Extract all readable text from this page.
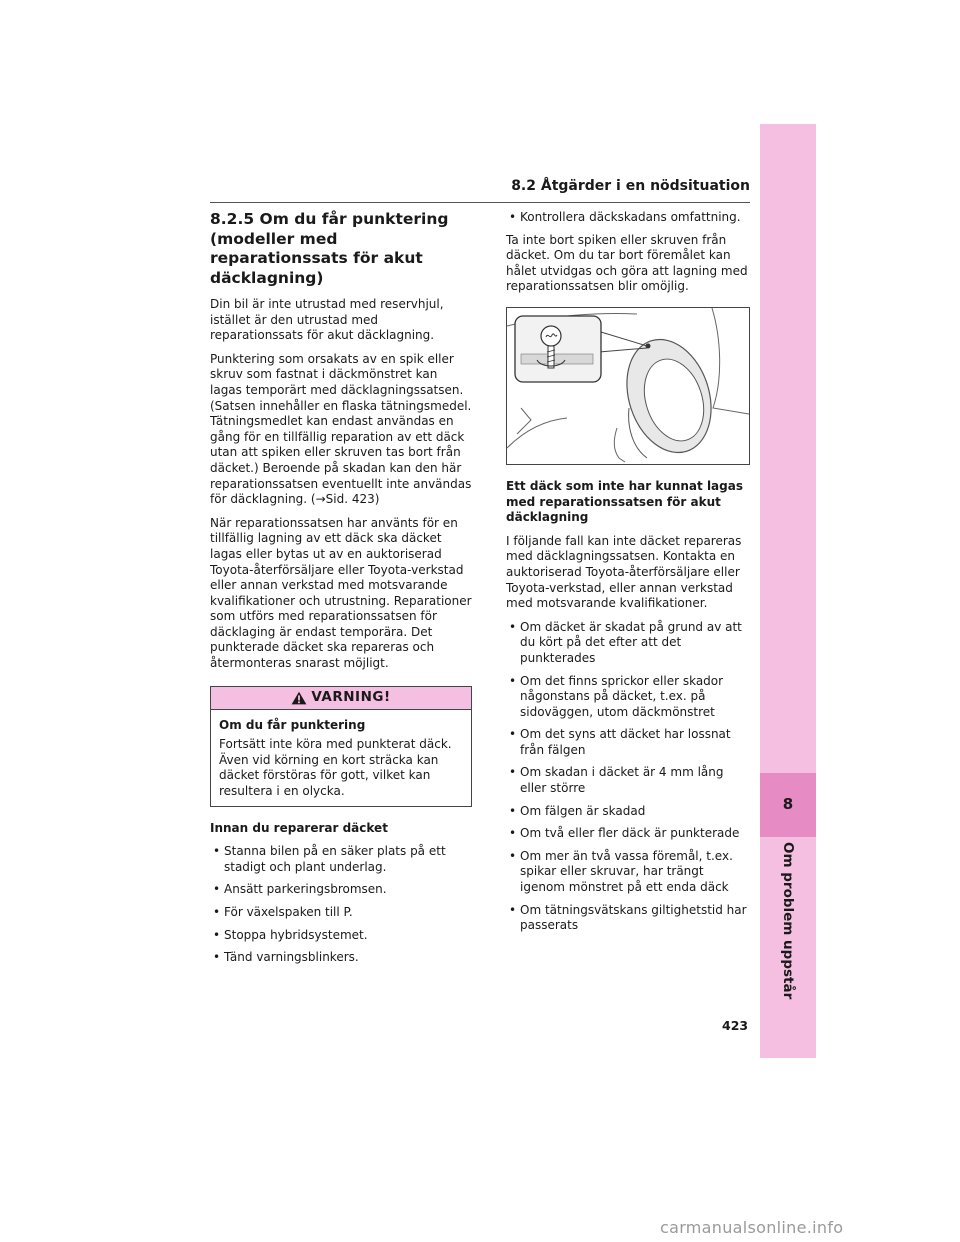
8.2 Åtgärder i en nödsituation
8.2.5 Om du får punktering (modeller med reparationssats för akut däcklagning)

Din bil är inte utrustad med reservhjul, istället är den utrustad med reparationssats för akut däcklagning.

Punktering som orsakats av en spik eller skruv som fastnat i däckmönstret kan lagas temporärt med däcklagningssatsen. (Satsen innehåller en flaska tätningsmedel. Tätningsmedlet kan endast användas en gång för en tillfällig reparation av ett däck utan att spiken eller skruven tas bort från däcket.) Beroende på skadan kan den här reparationssatsen eventuellt inte användas för däcklagning. (→Sid. 423)

När reparationssatsen har använts för en tillfällig lagning av ett däck ska däcket lagas eller bytas ut av en auktoriserad Toyota-återförsäljare eller Toyota-verkstad eller annan verkstad med motsvarande kvalifikationer och utrustning. Reparationer som utförs med reparationssatsen för däcklaging är endast temporära. Det punkterade däcket ska repareras och återmonteras snarast möjligt.

VARNING!

Om du får punktering

Fortsätt inte köra med punkterat däck. Även vid körning en kort sträcka kan däcket förstöras för gott, vilket kan resultera i en olycka.

Innan du reparerar däcket

• Stanna bilen på en säker plats på ett stadigt och plant underlag.
• Ansätt parkeringsbromsen.
• För växelspaken till P.
• Stoppa hybridsystemet.
• Tänd varningsblinkers.
• Kontrollera däckskadans omfattning.

Ta inte bort spiken eller skruven från däcket. Om du tar bort föremålet kan hålet utvidgas och göra att lagning med reparationssatsen blir omöjlig.

Ett däck som inte har kunnat lagas med reparationssatsen för akut däcklagning

I följande fall kan inte däcket repareras med däcklagningssatsen. Kontakta en auktoriserad Toyota-återförsäljare eller Toyota-verkstad, eller annan verkstad med motsvarande kvalifikationer.

• Om däcket är skadat på grund av att du kört på det efter att det punkterades
• Om det finns sprickor eller skador någonstans på däcket, t.ex. på sidoväggen, utom däckmönstret
• Om det syns att däcket har lossnat från fälgen
• Om skadan i däcket är 4 mm lång eller större
• Om fälgen är skadad
• Om två eller fler däck är punkterade
• Om mer än två vassa föremål, t.ex. spikar eller skruvar, har trängt igenom mönstret på ett enda däck
• Om tätningsvätskans giltighetstid har passerats
8
Om problem uppstår
423
carmanualsonline.info
